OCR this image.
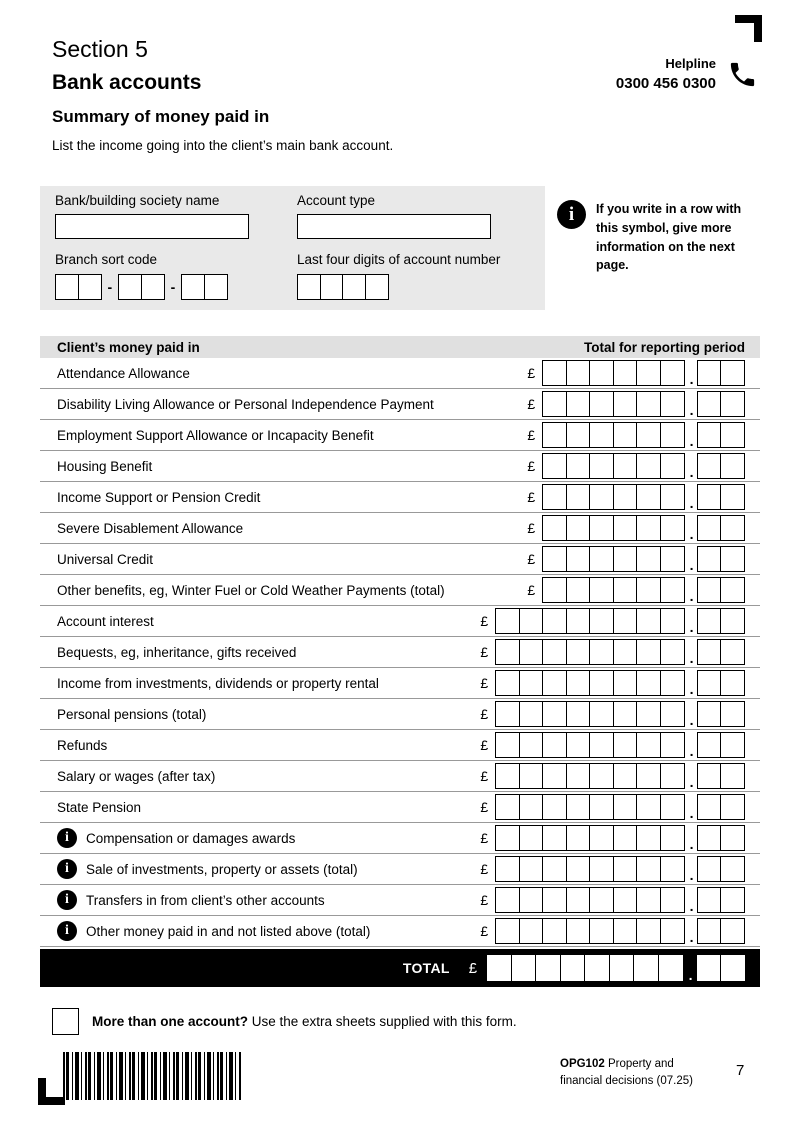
Section 5
Bank accounts
Summary of money paid in
Helpline
0300 456 0300
List the income going into the client’s main bank account.
Bank/building society name	Account type
Branch sort code
-	-
Last four digits of account number
i	If you write in a row with this symbol, give more information on the next page.
Client’s money paid in	Total for reporting period
Attendance Allowance	£	.
Disability Living Allowance or Personal Independence Payment	£	.
Employment Support Allowance or Incapacity Benefit	£	.
Housing Benefit	£	.
Income Support or Pension Credit	£	.
Severe Disablement Allowance	£	.
Universal Credit	£	.
Other benefits, eg, Winter Fuel or Cold Weather Payments (total)	£	.
Account interest	£	.
Bequests, eg, inheritance, gifts received	£	.
Income from investments, dividends or property rental	£	.
Personal pensions (total)	£	.
Refunds	£	.
Salary or wages (after tax)	£	.
State Pension	£	.
i	Compensation or damages awards	£	.
i	Sale of investments, property or assets (total)	£	.
i	Transfers in from client’s other accounts	£	.
i	Other money paid in and not listed above (total)	£	.
TOTAL £	.
More than one account? Use the extra sheets supplied with this form.
OPG102 Property and
financial decisions (07.25)
7
